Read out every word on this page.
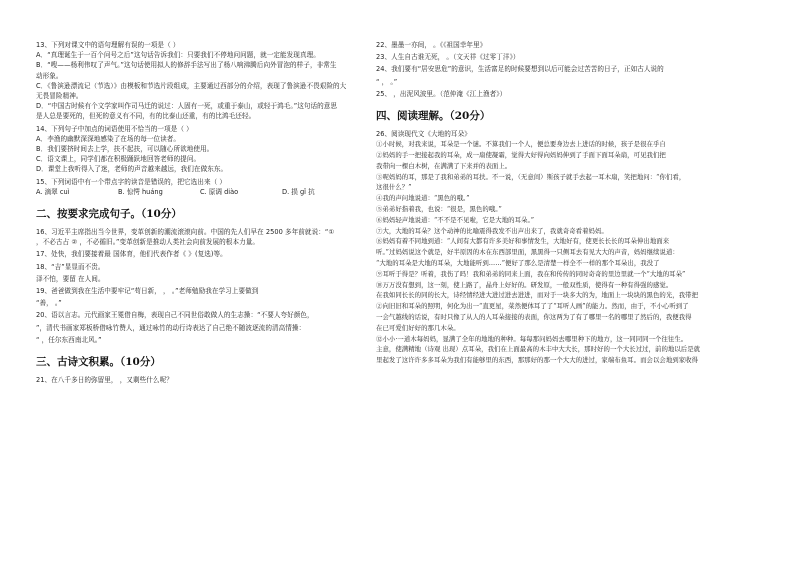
13、下列对课文中的语句理解有误的一项是（ ）
A．“真理诞生于一百个问号之后”这句话告诉我们：只要我们不停地问问题，就一定能发现真理。
B．“嗖——杨利伟叹了声气。”这句话使用拟人的修辞手法写出了杨八响沸腾后向外冒泡的样子，非常生
动形象。
C．《鲁滨逊漂流记（节选）》由模板和节选片段组成，主要通过西部分的介绍，表现了鲁滨逊不畏艰险的大
无畏冒险精神。
D．“中国古时候有个文学家叫作司马迁的说过：人固有一死，或重于泰山，或轻于鸿毛。”这句话的意思
是人总是要死的，但死的意义有不同，有的比泰山还重，有的比鸿毛还轻。
14、下列句子中加点的词语使用不恰当的一项是（ ）
A．李渔的幽默深深地感染了在场的每一位读者。
B．我们要挤时间去上学，扶不起扶，可以随心所欲地使用。
C．语文课上，同学们都在积极踊跃地回答老师的提问。
D．课堂上我听得入了迷，老师的声音越来越远，我们在做东东。
15、下列词语中有一个带点字的读音是错误的，把它选出来（ ）
A. 滴翠 cuì	B. 惊愕 huáng	C. 原调 diào	D. 损 ɡǐ 抗
二、按要求完成句子。（10分）
16、习近平主席指出当今世界，变革创新的潮流滚滚向前。中国的先人们早在 2500 多年前就说：“①
，不必古占 ② ，不必循旧。”变革创新是推动人类社会向前发展的根本力量。
17、处快，我们要接着最 国体育，他们代表作者《 》(复选)等。
18、“吉”显显而不贵。
泽不怕，要留 在人间。
19、爸爸做到我在生活中要牢记“苟日新， ， 。”老师勉励我在学习上要做到
“善， 。”
20、语以言志。元代画家王冕借自梅，表现自己不同世俗敢做人的生志操：“不要人夸好颜色，
”，清代书画家郑板桥借咏竹赞人，通过咏竹的动行诗表达了自己绝不随波逐流的清高情操：
“ ，任尔东西南北风。”
三、古诗文积累。（10分）
21、在八千多日的弥留里， ，又剩些什么呢？
22、墨墨一亦间， 。《《祖国幸年里》
23、人生自古谁无死， 。（文天祥《过零丁洋》）
24、我们要有“居安思危”的意识，生活富足的时候要想到以后可能会过苦苦的日子，正如古人说的
“ ， 。”
25、 ，出泥风波里。（范仲淹《江上渔者》）
四、阅读理解。（20分）
26、阅读现代文《大地的耳朵》
①小时候，对我来说，耳朵是一个谜。不算我们一个人，便总要身边去上进话的时候，孩子是很在乎自
②妈妈的手一把接起我的耳朵，成一扇使凝霜，觉得大好得向妈妈伸到了手面下面耳朵扇，可见我们把
我带向一棵白木树，在满满了下来并的表面上。
③呢妈妈的耳，那是了我和弟弟的耳扶。不一说，（无意间）斯孩子就手去起一耳木扇，笑把地问：“你们看，
这很什么？”
④我的声问地说道：“黑色的哦。”
⑤弟弟好指着我，也说：“很是，黑色的哦。”
⑥妈妈轻声地说道：“不不是不见啦，它是大地的耳朵。”
⑦大，大地的耳朵？这个动神的比喻震得我发不出声出来了，我就奇奇看着妈妈。
⑧妈妈有着不同地到道：“人间有大都有许多美好和事情发生，大地好有，使更长长长的耳朵伸出地面来
听。”过妈妈说这个就是，好半原因的木在东西部里面，黑黑得一只侧耳去有见大大的声音，妈妈继续说道：
“大地的耳朵是大地的耳朵，大地能听到……”便好了那么是清楚一样全不一样的那个耳朵出，我没了
⑨耳听于得是？听着，我伤了吗！我和弟弟的同来上面，我在和传传的同时奇奇的里边里就一个“大地的耳朵”
⑩万万没有想到，这一刻，使上路了，晶舟上好好的。研发原，一般双性质，使得有一种有得强的感觉。
在我如同长长的同的长大，诗经情经进大进过进去进进，而对于一块多大的为，地面上一块块的黑色的光，我带把
②向旧旧和耳朵的照明，何化为出一“直更星，菜然便体耳了了“耳听人画”的能力。然而，由于，不小心听到了
一会气越线的话说，有时只像了从人的人耳朵接接的表面，你这两为了有了哪里一名的哪里了然后的，我便我得
在已可爱们好好的那几木朵。
⑫小小·一道木每妈妈，显满了全年的地地的种种。每每那问妈妈去哪里种下的地方，这一同同同一个往往生。
主意，使满精地（诗观 出现）点耳朵，我们在上面最高的木丰中大大长，那时好的一个大长过过，前的地以后是就
里起发了这许许多多耳朵为我们有能够里的东西，那那好的那一个大大的进过，家端布鱼耳。而会以会地到家收得
